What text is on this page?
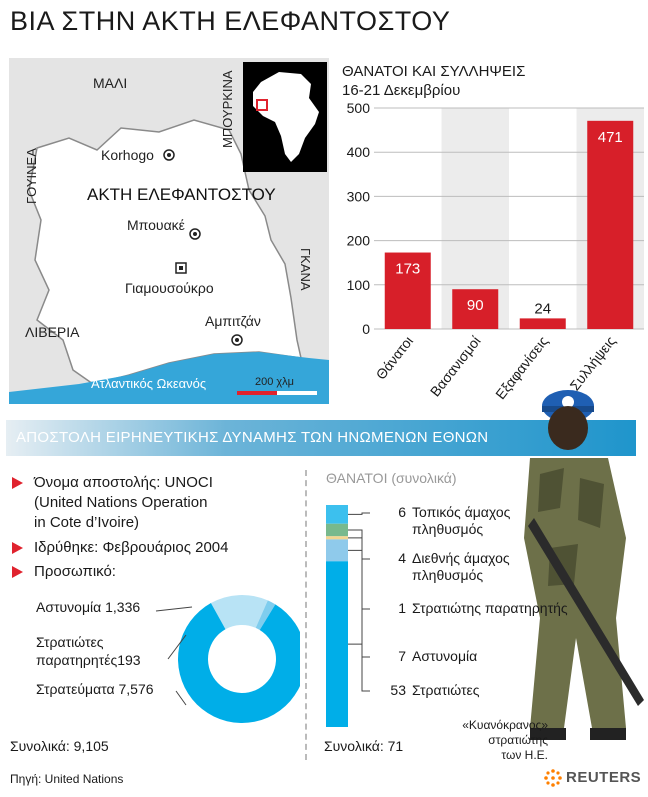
ΒΙΑ ΣΤΗΝ ΑΚΤΗ ΕΛΕΦΑΝΤΟΣΤΟΥ
ΜΑΛΙ	ΜΠΟΥΡΚΙΝΑ
ΓΟΥΙΝΕΑ	Korhogo
ΑΚΤΗ ΕΛΕΦΑΝΤΟΣΤΟΥ
Μπουακέ
ΓΚΑΝΑ
Γιαμουσούκρο
ΛΙΒΕΡΙΑ
Αμπιτζάν
Ατλαντικός Ωκεανός	200 χλμ
ΘΑΝΑΤΟΙ ΚΑΙ ΣΥΛΛΗΨΕΙΣ
16-21 Δεκεμβρίου
0
100
200
300
400
500
173
Θάνατοι
90
Βασανισμοί
24
Εξαφανίσεις
471
Συλλήψεις
ΑΠΟΣΤΟΛΗ ΕΙΡΗΝΕΥΤΙΚΗΣ ΔΥΝΑΜΗΣ ΤΩΝ ΗΝΩΜΕΝΩΝ ΕΘΝΩΝ
Όνομα αποστολής: UNOCI
(United Nations Operation
in Cote d’Ivoire)
Ιδρύθηκε: Φεβρουάριος 2004
Προσωπικό:
Αστυνομία 1,336
Στρατιώτες
παρατηρητές193
Στρατεύματα 7,576
Συνολικά: 9,105
ΘΑΝΑΤΟΙ (συνολικά)
6 Τοπικός άμαχος
πληθυσμός
4 Διεθνής άμαχος
πληθυσμός
1 Στρατιώτης παρατηρητής
7 Αστυνομία
53 Στρατιώτες
Συνολικά: 71
«Κυανόκρανος»
στρατιώτης
των Η.Ε.
Πηγή: United Nations	REUTERS
